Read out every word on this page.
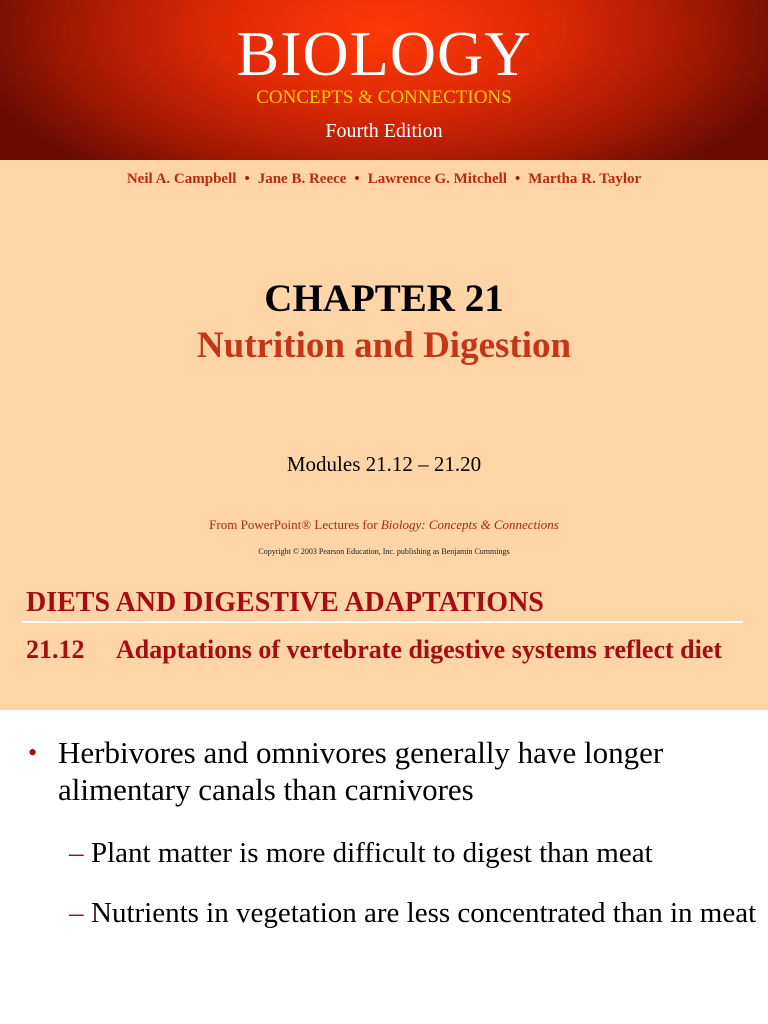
BIOLOGY
CONCEPTS & CONNECTIONS
Fourth Edition
Neil A. Campbell • Jane B. Reece • Lawrence G. Mitchell • Martha R. Taylor
CHAPTER 21
Nutrition and Digestion
Modules 21.12 – 21.20
From PowerPoint® Lectures for Biology: Concepts & Connections
Copyright © 2003 Pearson Education, Inc. publishing as Benjamin Cummings
DIETS AND DIGESTIVE ADAPTATIONS
21.12 Adaptations of vertebrate digestive systems reflect diet
• Herbivores and omnivores generally have longer alimentary canals than carnivores
– Plant matter is more difficult to digest than meat
– Nutrients in vegetation are less concentrated than in meat
